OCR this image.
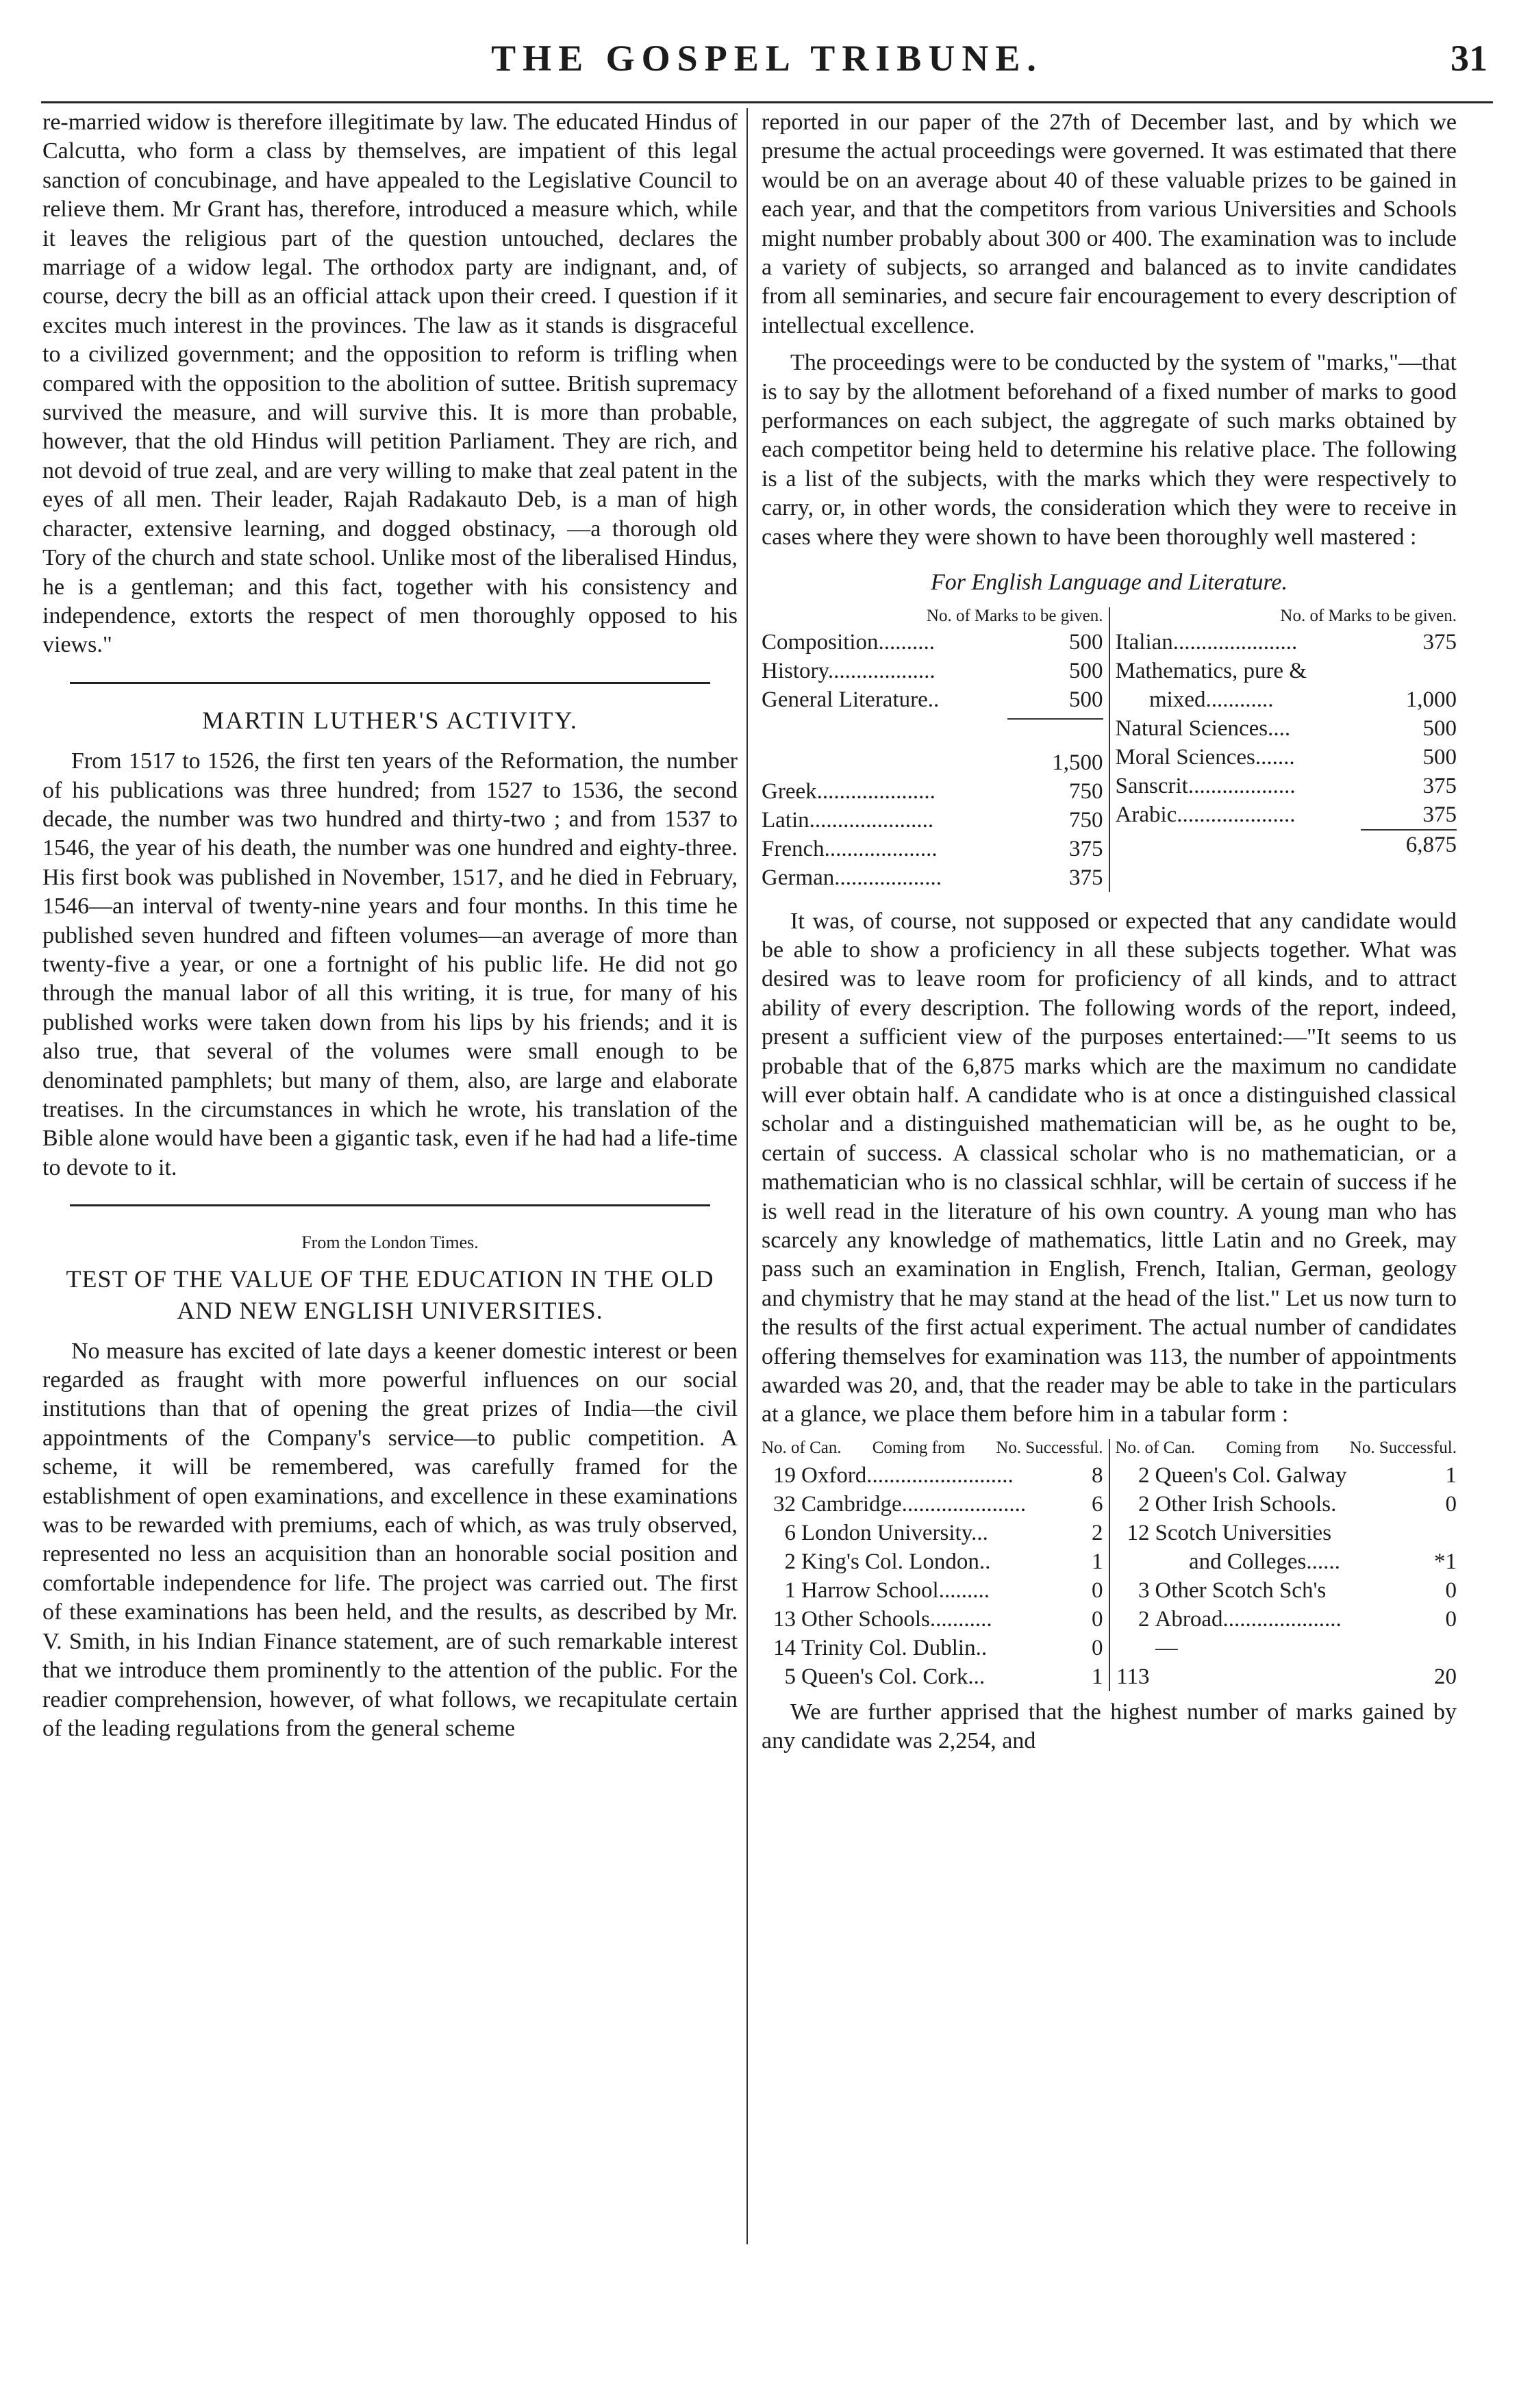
THE GOSPEL TRIBUNE.	31

re-married widow is therefore illegitimate by law. The educated Hindus of Calcutta, who form a class by themselves, are impatient of this legal sanction of concubinage, and have appealed to the Legislative Council to relieve them. Mr Grant has, therefore, introduced a measure which, while it leaves the religious part of the question untouched, declares the marriage of a widow legal. The orthodox party are indignant, and, of course, decry the bill as an official attack upon their creed. I question if it excites much interest in the provinces. The law as it stands is disgraceful to a civilized government; and the opposition to reform is trifling when compared with the opposition to the abolition of suttee. British supremacy survived the measure, and will survive this. It is more than probable, however, that the old Hindus will petition Parliament. They are rich, and not devoid of true zeal, and are very willing to make that zeal patent in the eyes of all men. Their leader, Rajah Radakauto Deb, is a man of high character, extensive learning, and dogged obstinacy, —a thorough old Tory of the church and state school. Unlike most of the liberalised Hindus, he is a gentleman; and this fact, together with his consistency and independence, extorts the respect of men thoroughly opposed to his views."

MARTIN LUTHER'S ACTIVITY.

From 1517 to 1526, the first ten years of the Reformation, the number of his publications was three hundred; from 1527 to 1536, the second decade, the number was two hundred and thirty-two ; and from 1537 to 1546, the year of his death, the number was one hundred and eighty-three. His first book was published in November, 1517, and he died in February, 1546—an interval of twenty-nine years and four months. In this time he published seven hundred and fifteen volumes—an average of more than twenty-five a year, or one a fortnight of his public life. He did not go through the manual labor of all this writing, it is true, for many of his published works were taken down from his lips by his friends; and it is also true, that several of the volumes were small enough to be denominated pamphlets; but many of them, also, are large and elaborate treatises. In the circumstances in which he wrote, his translation of the Bible alone would have been a gigantic task, even if he had had a life-time to devote to it.

From the London Times.
TEST OF THE VALUE OF THE EDUCATION IN THE OLD AND NEW ENGLISH UNIVERSITIES.

No measure has excited of late days a keener domestic interest or been regarded as fraught with more powerful influences on our social institutions than that of opening the great prizes of India—the civil appointments of the Company's service—to public competition. A scheme, it will be remembered, was carefully framed for the establishment of open examinations, and excellence in these examinations was to be rewarded with premiums, each of which, as was truly observed, represented no less an acquisition than an honorable social position and comfortable independence for life. The project was carried out. The first of these examinations has been held, and the results, as described by Mr. V. Smith, in his Indian Finance statement, are of such remarkable interest that we introduce them prominently to the attention of the public. For the readier comprehension, however, of what follows, we recapitulate certain of the leading regulations from the general scheme

reported in our paper of the 27th of December last, and by which we presume the actual proceedings were governed. It was estimated that there would be on an average about 40 of these valuable prizes to be gained in each year, and that the competitors from various Universities and Schools might number probably about 300 or 400. The examination was to include a variety of subjects, so arranged and balanced as to invite candidates from all seminaries, and secure fair encouragement to every description of intellectual excellence.

The proceedings were to be conducted by the system of "marks,"—that is to say by the allotment beforehand of a fixed number of marks to good performances on each subject, the aggregate of such marks obtained by each competitor being held to determine his relative place. The following is a list of the subjects, with the marks which they were respectively to carry, or, in other words, the consideration which they were to receive in cases where they were shown to have been thoroughly well mastered :

For English Language and Literature.
No. of Marks to be given.
Composition..........	500
History...................	500
General Literature..	500

1,500
Greek.....................	750
Latin......................	750
French....................	375
German...................	375
No. of Marks to be given.
Italian......................	375
Mathematics, pure &
mixed............	1,000
Natural Sciences....	500
Moral Sciences.......	500
Sanscrit...................	375
Arabic.....................	375
6,875

It was, of course, not supposed or expected that any candidate would be able to show a proficiency in all these subjects together. What was desired was to leave room for proficiency of all kinds, and to attract ability of every description. The following words of the report, indeed, present a sufficient view of the purposes entertained:—"It seems to us probable that of the 6,875 marks which are the maximum no candidate will ever obtain half. A candidate who is at once a distinguished classical scholar and a distinguished mathematician will be, as he ought to be, certain of success. A classical scholar who is no mathematician, or a mathematician who is no classical schhlar, will be certain of success if he is well read in the literature of his own country. A young man who has scarcely any knowledge of mathematics, little Latin and no Greek, may pass such an examination in English, French, Italian, German, geology and chymistry that he may stand at the head of the list." Let us now turn to the results of the first actual experiment. The actual number of candidates offering themselves for examination was 113, the number of appointments awarded was 20, and, that the reader may be able to take in the particulars at a glance, we place them before him in a tabular form :

No. of Can. Coming from No. Successful.
19 Oxford..........................	8
32 Cambridge......................	6
6 London University...	2
2 King's Col. London..	1
1 Harrow School.........	0
13 Other Schools...........	0
14 Trinity Col. Dublin..	0
5 Queen's Col. Cork...	1
No. of Can. Coming from No. Successful.
2 Queen's Col. Galway	1
2 Other Irish Schools.	0
12 Scotch Universities
and Colleges......	*1
3 Other Scotch Sch's	0
2 Abroad.....................	0
—
113	20

We are further apprised that the highest number of marks gained by any candidate was 2,254, and
